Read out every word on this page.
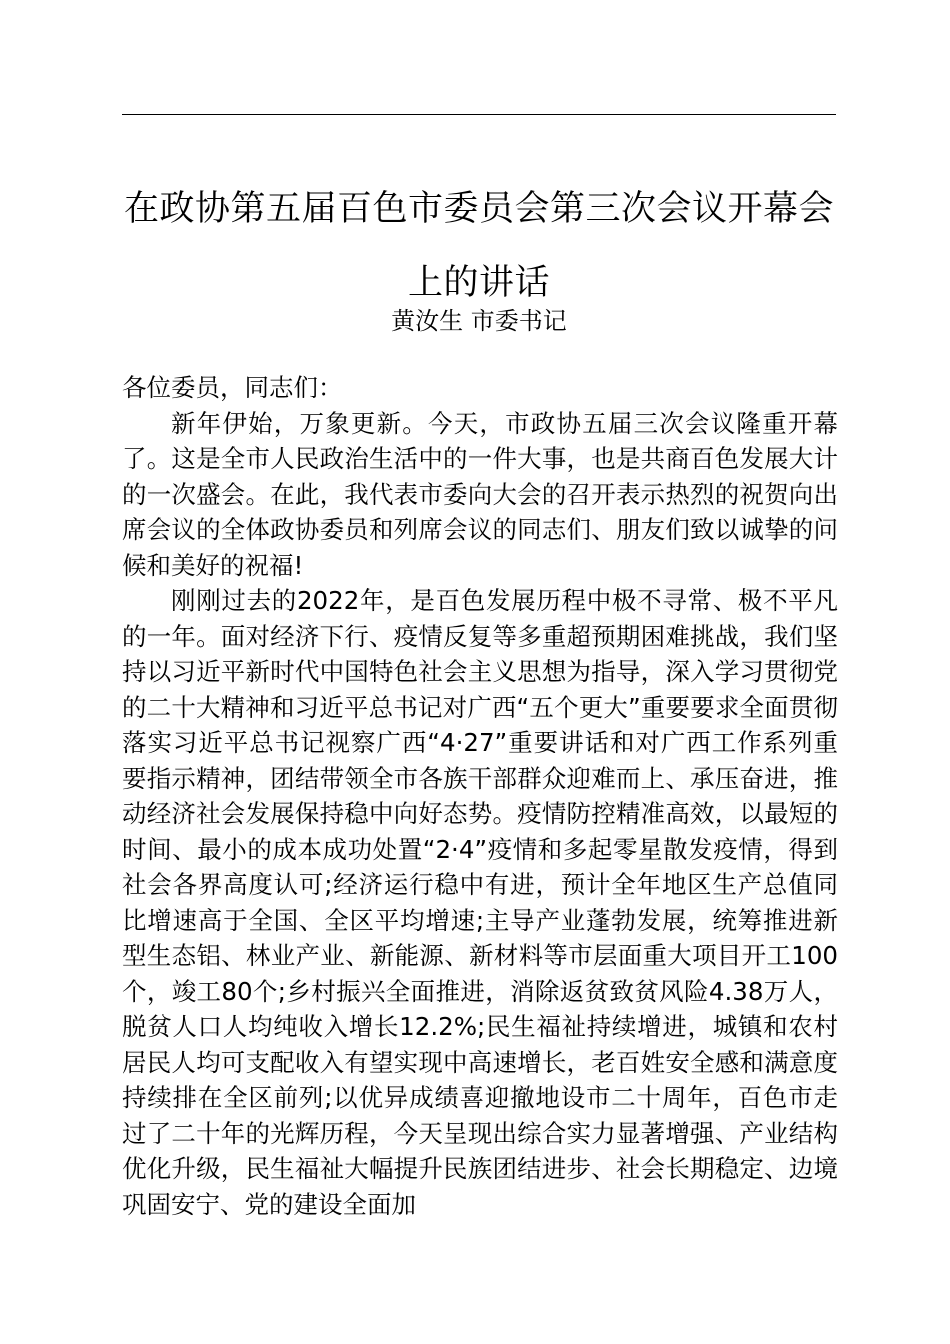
在政协第五届百色市委员会第三次会议开幕会上的讲话
黄汝生 市委书记

各位委员，同志们：

新年伊始，万象更新。今天，市政协五届三次会议隆重开幕了。这是全市人民政治生活中的一件大事，也是共商百色发展大计的一次盛会。在此，我代表市委向大会的召开表示热烈的祝贺向出席会议的全体政协委员和列席会议的同志们、朋友们致以诚挚的问候和美好的祝福!

刚刚过去的2022年，是百色发展历程中极不寻常、极不平凡的一年。面对经济下行、疫情反复等多重超预期困难挑战，我们坚持以习近平新时代中国特色社会主义思想为指导，深入学习贯彻党的二十大精神和习近平总书记对广西“五个更大”重要要求全面贯彻落实习近平总书记视察广西“4·27”重要讲话和对广西工作系列重要指示精神，团结带领全市各族干部群众迎难而上、承压奋进，推动经济社会发展保持稳中向好态势。疫情防控精准高效，以最短的时间、最小的成本成功处置“2·4”疫情和多起零星散发疫情，得到社会各界高度认可;经济运行稳中有进，预计全年地区生产总值同比增速高于全国、全区平均增速;主导产业蓬勃发展，统筹推进新型生态铝、林业产业、新能源、新材料等市层面重大项目开工100个，竣工80个;乡村振兴全面推进，消除返贫致贫风险4.38万人，脱贫人口人均纯收入增长12.2%;民生福祉持续增进，城镇和农村居民人均可支配收入有望实现中高速增长，老百姓安全感和满意度持续排在全区前列;以优异成绩喜迎撤地设市二十周年，百色市走过了二十年的光辉历程，今天呈现出综合实力显著增强、产业结构优化升级，民生福祉大幅提升民族团结进步、社会长期稳定、边境巩固安宁、党的建设全面加
